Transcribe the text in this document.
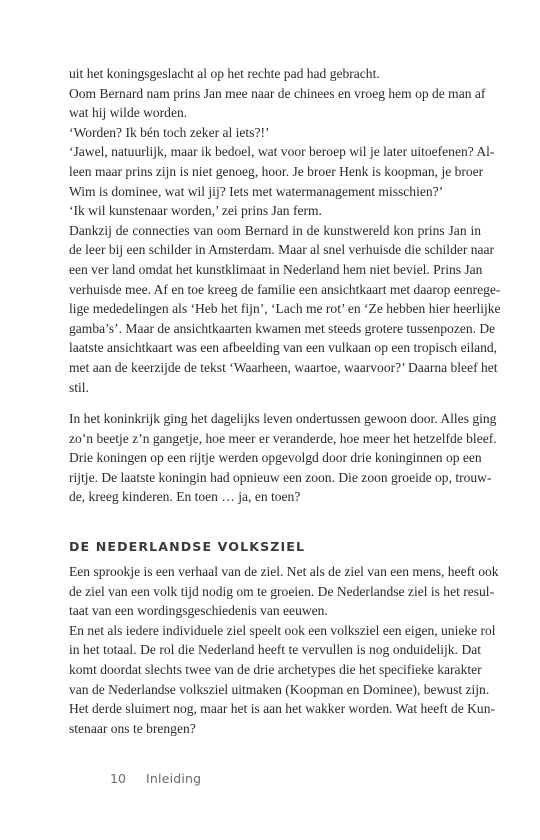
uit het koningsgeslacht al op het rechte pad had gebracht.
Oom Bernard nam prins Jan mee naar de chinees en vroeg hem op de man af
wat hij wilde worden.
‘Worden? Ik bén toch zeker al iets?!’
‘Jawel, natuurlijk, maar ik bedoel, wat voor beroep wil je later uitoefenen? Al-
leen maar prins zijn is niet genoeg, hoor. Je broer Henk is koopman, je broer
Wim is dominee, wat wil jij? Iets met watermanagement misschien?’
‘Ik wil kunstenaar worden,’ zei prins Jan ferm.
Dankzij de connecties van oom Bernard in de kunstwereld kon prins Jan in
de leer bij een schilder in Amsterdam. Maar al snel verhuisde die schilder naar
een ver land omdat het kunstklimaat in Nederland hem niet beviel. Prins Jan
verhuisde mee. Af en toe kreeg de familie een ansichtkaart met daarop eenrege-
lige mededelingen als ‘Heb het fijn’, ‘Lach me rot’ en ‘Ze hebben hier heerlijke
gamba’s’. Maar de ansichtkaarten kwamen met steeds grotere tussenpozen. De
laatste ansichtkaart was een afbeelding van een vulkaan op een tropisch eiland,
met aan de keerzijde de tekst ‘Waarheen, waartoe, waarvoor?’ Daarna bleef het
stil.
In het koninkrijk ging het dagelijks leven ondertussen gewoon door. Alles ging
zo’n beetje z’n gangetje, hoe meer er veranderde, hoe meer het hetzelfde bleef.
Drie koningen op een rijtje werden opgevolgd door drie koninginnen op een
rijtje. De laatste koningin had opnieuw een zoon. Die zoon groeide op, trouw-
de, kreeg kinderen. En toen … ja, en toen?
DE NEDERLANDSE VOLKSZIEL
Een sprookje is een verhaal van de ziel. Net als de ziel van een mens, heeft ook
de ziel van een volk tijd nodig om te groeien. De Nederlandse ziel is het resul-
taat van een wordingsgeschiedenis van eeuwen.
En net als iedere individuele ziel speelt ook een volksziel een eigen, unieke rol
in het totaal. De rol die Nederland heeft te vervullen is nog onduidelijk. Dat
komt doordat slechts twee van de drie archetypes die het specifieke karakter
van de Nederlandse volksziel uitmaken (Koopman en Dominee), bewust zijn.
Het derde sluimert nog, maar het is aan het wakker worden. Wat heeft de Kun-
stenaar ons te brengen?
10 Inleiding
